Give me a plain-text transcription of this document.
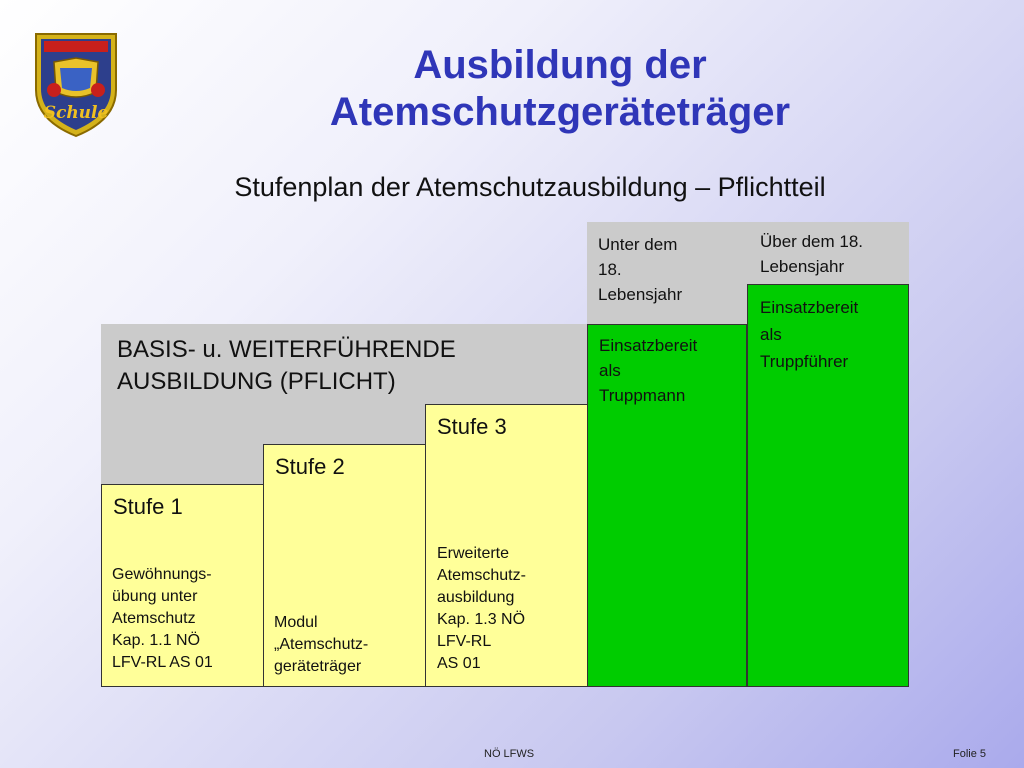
Schule
Ausbildung der
Atemschutzgeräteträger
Stufenplan der Atemschutzausbildung – Pflichtteil
Unter dem
18.
Lebensjahr
Über dem 18.
Lebensjahr
BASIS- u. WEITERFÜHRENDE
AUSBILDUNG (PFLICHT)
Einsatzbereit
als
Truppmann
Einsatzbereit
als
Truppführer
Stufe 1
Stufe 2
Stufe 3
Gewöhnungs-
übung unter
Atemschutz
Kap. 1.1 NÖ
LFV-RL AS 01
Modul
„Atemschutz-
geräteträger
Erweiterte
Atemschutz-
ausbildung
Kap. 1.3 NÖ
LFV-RL
AS 01
NÖ LFWS	Folie 5
